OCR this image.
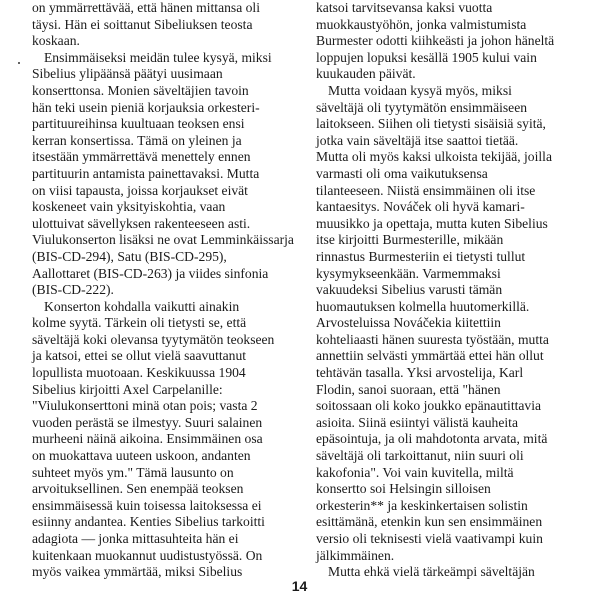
on ymmärrettävää, että hänen mittansa oli
täysi. Hän ei soittanut Sibeliuksen teosta
koskaan.
Ensimmäiseksi meidän tulee kysyä, miksi
Sibelius ylipäänsä päätyi uusimaan
konserttonsa. Monien säveltäjien tavoin
hän teki usein pieniä korjauksia orkesteri-
partituureihinsa kuultuaan teoksen ensi
kerran konsertissa. Tämä on yleinen ja
itsestään ymmärrettävä menettely ennen
partituurin antamista painettavaksi. Mutta
on viisi tapausta, joissa korjaukset eivät
koskeneet vain yksityiskohtia, vaan
ulottuivat sävellyksen rakenteeseen asti.
Viulukonserton lisäksi ne ovat Lemminkäissarja
(BIS-CD-294), Satu (BIS-CD-295),
Aallottaret (BIS-CD-263) ja viides sinfonia
(BIS-CD-222).
Konserton kohdalla vaikutti ainakin
kolme syytä. Tärkein oli tietysti se, että
säveltäjä koki olevansa tyytymätön teokseen
ja katsoi, ettei se ollut vielä saavuttanut
lopullista muotoaan. Keskikuussa 1904
Sibelius kirjoitti Axel Carpelanille:
"Viulukonserttoni minä otan pois; vasta 2
vuoden perästä se ilmestyy. Suuri salainen
murheeni näinä aikoina. Ensimmäinen osa
on muokattava uuteen uskoon, andanten
suhteet myös ym." Tämä lausunto on
arvoituksellinen. Sen enempää teoksen
ensimmäisessä kuin toisessa laitoksessa ei
esiinny andantea. Kenties Sibelius tarkoitti
adagiota — jonka mittasuhteita hän ei
kuitenkaan muokannut uudistustyössä. On
myös vaikea ymmärtää, miksi Sibelius
katsoi tarvitsevansa kaksi vuotta
muokkaustyöhön, jonka valmistumista
Burmester odotti kiihkeästi ja johon häneltä
loppujen lopuksi kesällä 1905 kului vain
kuukauden päivät.
Mutta voidaan kysyä myös, miksi
säveltäjä oli tyytymätön ensimmäiseen
laitokseen. Siihen oli tietysti sisäisiä syitä,
jotka vain säveltäjä itse saattoi tietää.
Mutta oli myös kaksi ulkoista tekijää, joilla
varmasti oli oma vaikutuksensa
tilanteeseen. Niistä ensimmäinen oli itse
kantaesitys. Nováček oli hyvä kamari-
muusikko ja opettaja, mutta kuten Sibelius
itse kirjoitti Burmesterille, mikään
rinnastus Burmesteriin ei tietysti tullut
kysymykseenkään. Varmemmaksi
vakuudeksi Sibelius varusti tämän
huomautuksen kolmella huutomerkillä.
Arvosteluissa Nováčekia kiitettiin
kohteliaasti hänen suuresta työstään, mutta
annettiin selvästi ymmärtää ettei hän ollut
tehtävän tasalla. Yksi arvostelija, Karl
Flodin, sanoi suoraan, että "hänen
soitossaan oli koko joukko epänautittavia
asioita. Siinä esiintyi välistä kauheita
epäsointuja, ja oli mahdotonta arvata, mitä
säveltäjä oli tarkoittanut, niin suuri oli
kakofonia". Voi vain kuvitella, miltä
konsertto soi Helsingin silloisen
orkesterin** ja keskinkertaisen solistin
esittämänä, etenkin kun sen ensimmäinen
versio oli teknisesti vielä vaativampi kuin
jälkimmäinen.
Mutta ehkä vielä tärkeämpi säveltäjän
14
